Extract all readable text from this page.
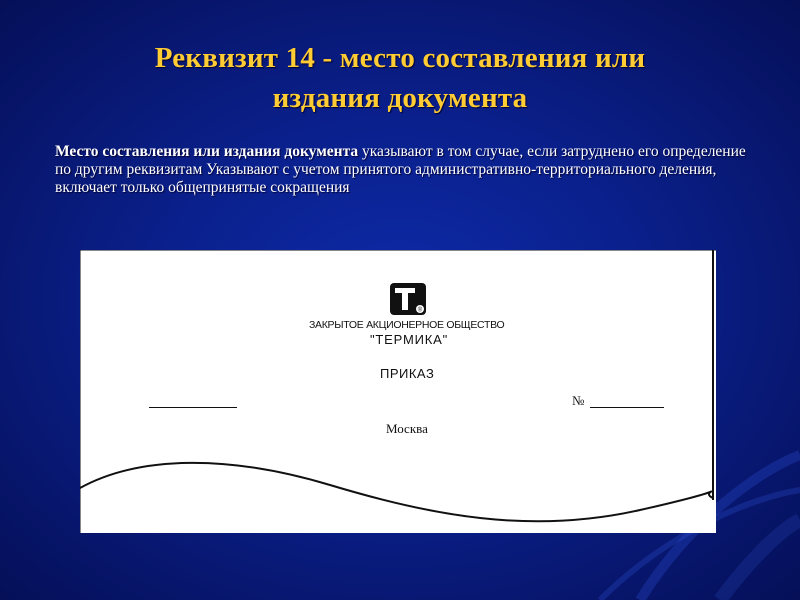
Реквизит 14 - место составления или
издания документа
Место составления или издания документа указывают в том случае, если затруднено его определение по другим реквизитам Указывают с учетом принятого административно-территориального деления, включает только общепринятые сокращения
®
ЗАКРЫТОЕ АКЦИОНЕРНОЕ ОБЩЕСТВО
"ТЕРМИКА"
ПРИКАЗ
№
Москва
